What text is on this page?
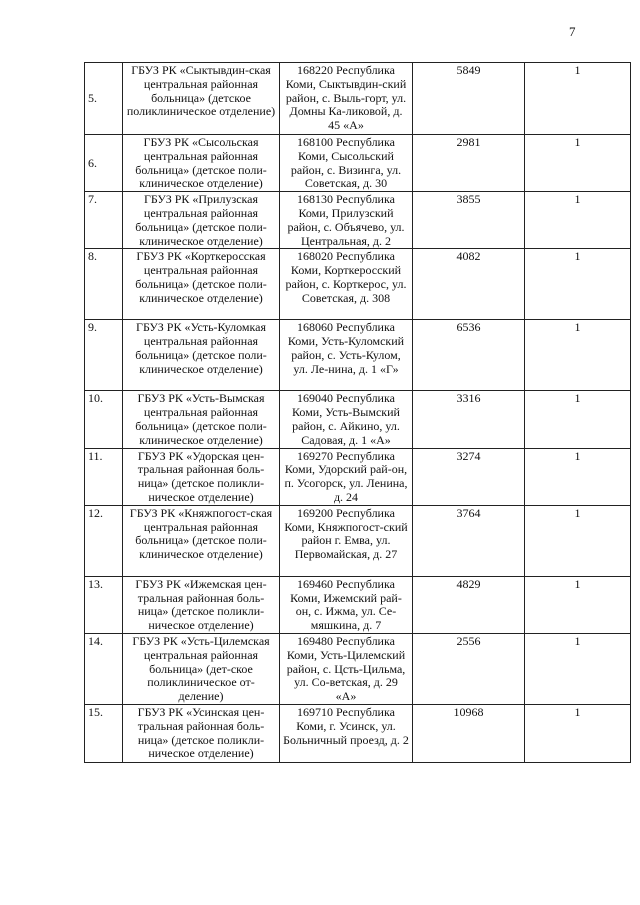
7
5.	ГБУЗ РК «Сыктывдин-ская центральная районная больница» (детское поликлиническое отделение)	168220 Республика Коми, Сыктывдин-ский район, с. Выль-горт, ул. Домны Ка-ликовой, д. 45 «А»	5849	1
6.	ГБУЗ РК «Сысольская центральная районная больница» (детское поли-клиническое отделение)	168100 Республика Коми, Сысольский район, с. Визинга, ул. Советская, д. 30	2981	1
7.	ГБУЗ РК «Прилузская центральная районная больница» (детское поли-клиническое отделение)	168130 Республика Коми, Прилузский район, с. Объячево, ул. Центральная, д. 2	3855	1
8.	ГБУЗ РК «Корткеросская центральная районная больница» (детское поли-клиническое отделение)	168020 Республика Коми, Корткеросский район, с. Корткерос, ул. Советская, д. 308	4082	1
9.	ГБУЗ РК «Усть-Куломкая центральная районная больница» (детское поли-клиническое отделение)	168060 Республика Коми, Усть-Куломский район, с. Усть-Кулом, ул. Ле-нина, д. 1 «Г»	6536	1
10.	ГБУЗ РК «Усть-Вымская центральная районная больница» (детское поли-клиническое отделение)	169040 Республика Коми, Усть-Вымский район, с. Айкино, ул. Садовая, д. 1 «А»	3316	1
11.	ГБУЗ РК «Удорская цен-тральная районная боль-ница» (детское поликли-ническое отделение)	169270 Республика Коми, Удорский рай-он, п. Усогорск, ул. Ленина, д. 24	3274	1
12.	ГБУЗ РК «Княжпогост-ская центральная районная больница» (детское поли-клиническое отделение)	169200 Республика Коми, Княжпогост-ский район г. Емва, ул. Первомайская, д. 27	3764	1
13.	ГБУЗ РК «Ижемская цен-тральная районная боль-ница» (детское поликли-ническое отделение)	169460 Республика Коми, Ижемский рай-он, с. Ижма, ул. Се-мяшкина, д. 7	4829	1
14.	ГБУЗ РК «Усть-Цилемская центральная районная больница» (дет-ское поликлиническое от-деление)	169480 Республика Коми, Усть-Цилемский район, с. Цсть-Цильма, ул. Со-ветская, д. 29 «А»	2556	1
15.	ГБУЗ РК «Усинская цен-тральная районная боль-ница» (детское поликли-ническое отделение)	169710 Республика Коми, г. Усинск, ул. Больничный проезд, д. 2	10968	1
